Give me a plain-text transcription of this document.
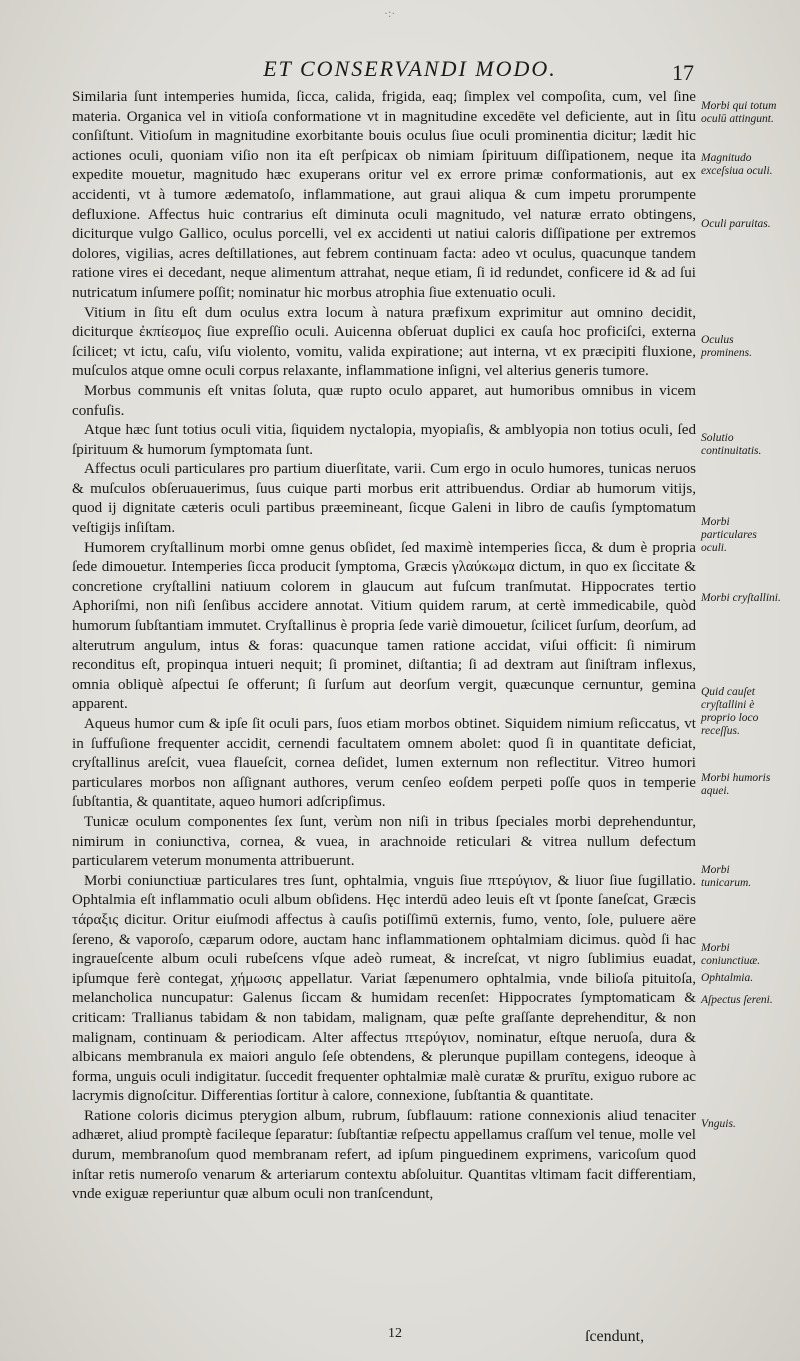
·:·
ET CONSERVANDI MODO.	17

Similaria ſunt intemperies humida, ſicca, calida, frigida, eaq; ſimplex vel compoſita, cum, vel ſine materia. Organica vel in vitioſa conformatione vt in magnitudine excedēte vel deficiente, aut in ſitu conſiſtunt. Vitioſum in magnitudine exorbitante bouis oculus ſiue oculi prominentia dicitur; lædit hic actiones oculi, quoniam viſio non ita eſt perſpicax ob nimiam ſpirituum diſſipationem, neque ita expedite mouetur, magnitudo hæc exuperans oritur vel ex errore primæ conformationis, aut ex accidenti, vt à tumore ædematoſo, inflammatione, aut graui aliqua & cum impetu prorumpente defluxione. Affectus huic contrarius eſt diminuta oculi magnitudo, vel naturæ errato obtingens, diciturque vulgo Gallico, oculus porcelli, vel ex accidenti ut natiui caloris diſſipatione per extremos dolores, vigilias, acres deſtillationes, aut febrem continuam facta: adeo vt oculus, quacunque tandem ratione vires ei decedant, neque alimentum attrahat, neque etiam, ſi id redundet, conficere id & ad ſui nutricatum inſumere poſſit; nominatur hic morbus atrophia ſiue extenuatio oculi.

Vitium in ſitu eſt dum oculus extra locum à natura præfixum exprimitur aut omnino decidit, diciturque ἐκπίεσμος ſiue expreſſio oculi. Auicenna obſeruat duplici ex cauſa hoc proficiſci, externa ſcilicet; vt ictu, caſu, viſu violento, vomitu, valida expiratione; aut interna, vt ex præcipiti fluxione, muſculos atque omne oculi corpus relaxante, inflammatione inſigni, vel alterius generis tumore.

Morbus communis eſt vnitas ſoluta, quæ rupto oculo apparet, aut humoribus omnibus in vicem confuſis.

Atque hæc ſunt totius oculi vitia, ſiquidem nyctalopia, myopiaſis, & amblyopia non totius oculi, ſed ſpirituum & humorum ſymptomata ſunt.

Affectus oculi particulares pro partium diuerſitate, varii. Cum ergo in oculo humores, tunicas neruos & muſculos obſeruauerimus, ſuus cuique parti morbus erit attribuendus. Ordiar ab humorum vitijs, quod ij dignitate cæteris oculi partibus præemineant, ſicque Galeni in libro de cauſis ſymptomatum veſtigijs inſiſtam.

Humorem cryſtallinum morbi omne genus obſidet, ſed maximè intemperies ſicca, & dum è propria ſede dimouetur. Intemperies ſicca producit ſymptoma, Græcis γλαύκωμα dictum, in quo ex ſiccitate & concretione cryſtallini natiuum colorem in glaucum aut fuſcum tranſmutat. Hippocrates tertio Aphoriſmi, non niſi ſenſibus accidere annotat. Vitium quidem rarum, at certè immedicabile, quòd humorum ſubſtantiam immutet. Cryſtallinus è propria ſede variè dimouetur, ſcilicet ſurſum, deorſum, ad alterutrum angulum, intus & foras: quacunque tamen ratione accidat, viſui officit: ſi nimirum reconditus eſt, propinqua intueri nequit; ſi prominet, diſtantia; ſi ad dextram aut ſiniſtram inflexus, omnia obliquè aſpectui ſe offerunt; ſi ſurſum aut deorſum vergit, quæcunque cernuntur, gemina apparent.

Aqueus humor cum & ipſe ſit oculi pars, ſuos etiam morbos obtinet. Siquidem nimium reſiccatus, vt in ſuffuſione frequenter accidit, cernendi facultatem omnem abolet: quod ſi in quantitate deficiat, cryſtallinus areſcit, vuea flaueſcit, cornea deſidet, lumen externum non reflectitur. Vitreo humori particulares morbos non aſſignant authores, verum cenſeo eoſdem perpeti poſſe quos in temperie ſubſtantia, & quantitate, aqueo humori adſcripſimus.

Tunicæ oculum componentes ſex ſunt, verùm non niſi in tribus ſpeciales morbi deprehenduntur, nimirum in coniunctiva, cornea, & vuea, in arachnoide reticulari & vitrea nullum defectum particularem veterum monumenta attribuerunt.

Morbi coniunctiuæ particulares tres ſunt, ophtalmia, vnguis ſiue πτερύγιον, & liuor ſiue ſugillatio. Ophtalmia eſt inflammatio oculi album obſidens. Hęc interdū adeo leuis eſt vt ſponte ſaneſcat, Græcis τάραξις dicitur. Oritur eiuſmodi affectus à cauſis potiſſimū externis, fumo, vento, ſole, puluere aëre ſereno, & vaporoſo, cæparum odore, auctam hanc inflammationem ophtalmiam dicimus. quòd ſi hac ingraueſcente album oculi rubeſcens vſque adeò rumeat, & increſcat, vt nigro ſublimius euadat, ipſumque ferè contegat, χήμωσις appellatur. Variat ſæpenumero ophtalmia, vnde bilioſa pituitoſa, melancholica nuncupatur: Galenus ſiccam & humidam recenſet: Hippocrates ſymptomaticam & criticam: Trallianus tabidam & non tabidam, malignam, quæ peſte graſſante deprehenditur, & non malignam, continuam & periodicam. Alter affectus πτερύγιον, nominatur, eſtque neruoſa, dura & albicans membranula ex maiori angulo ſeſe obtendens, & plerunque pupillam contegens, ideoque à forma, unguis oculi indigitatur. ſuccedit frequenter ophtalmiæ malè curatæ & prurītu, exiguo rubore ac lacrymis dignoſcitur. Differentias ſortitur à calore, connexione, ſubſtantia & quantitate.

Ratione coloris dicimus pterygion album, rubrum, ſubflauum: ratione connexionis aliud tenaciter adhæret, aliud promptè facileque ſeparatur: ſubſtantiæ reſpectu appellamus craſſum vel tenue, molle vel durum, membranoſum quod membranam refert, ad ipſum pinguedinem exprimens, varicoſum quod inſtar retis numeroſo venarum & arteriarum contextu abſoluitur. Quantitas vltimam facit differentiam, vnde exiguæ reperiuntur quæ album oculi non tranſcendunt,

Morbi qui totum oculū attingunt.
Magnitudo exceſsiua oculi.
Oculi paruitas.
Oculus prominens.
Solutio continuitatis.
Morbi particulares oculi.
Morbi cryſtallini.
Quid cauſet cryſtallini è proprio loco receſſus.
Morbi humoris aquei.
Morbi tunicarum.
Morbi coniunctiuæ.
Ophtalmia.
Aſpectus ſereni.
Vnguis.
12	ſcendunt,
